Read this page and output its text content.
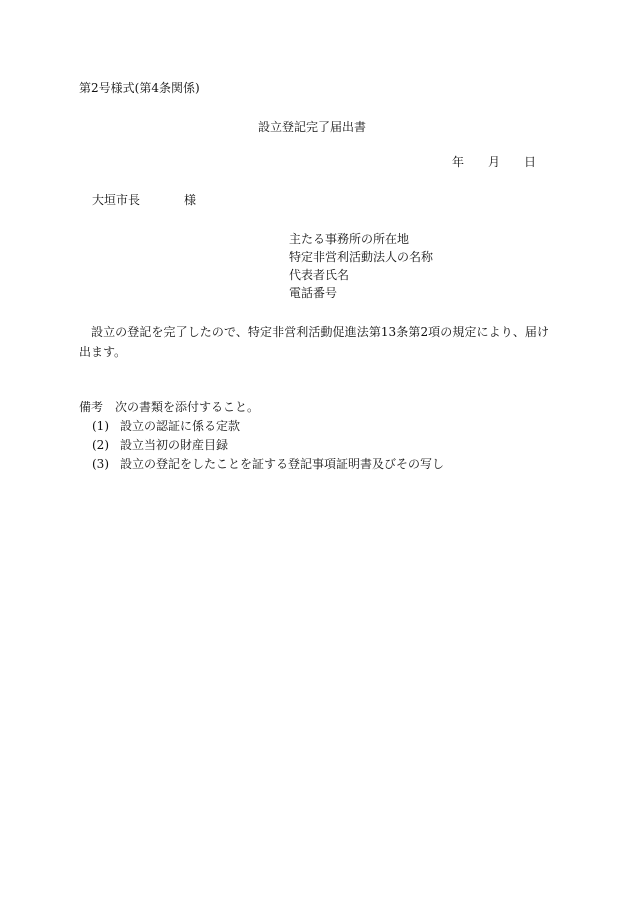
第2号様式(第4条関係)
設立登記完了届出書
年 月 日
大垣市長	様
主たる事務所の所在地
特定非営利活動法人の名称
代表者氏名
電話番号
設立の登記を完了したので、特定非営利活動促進法第13条第2項の規定により、届け出ます。
備考 次の書類を添付すること。
(1) 設立の認証に係る定款
(2) 設立当初の財産目録
(3) 設立の登記をしたことを証する登記事項証明書及びその写し
